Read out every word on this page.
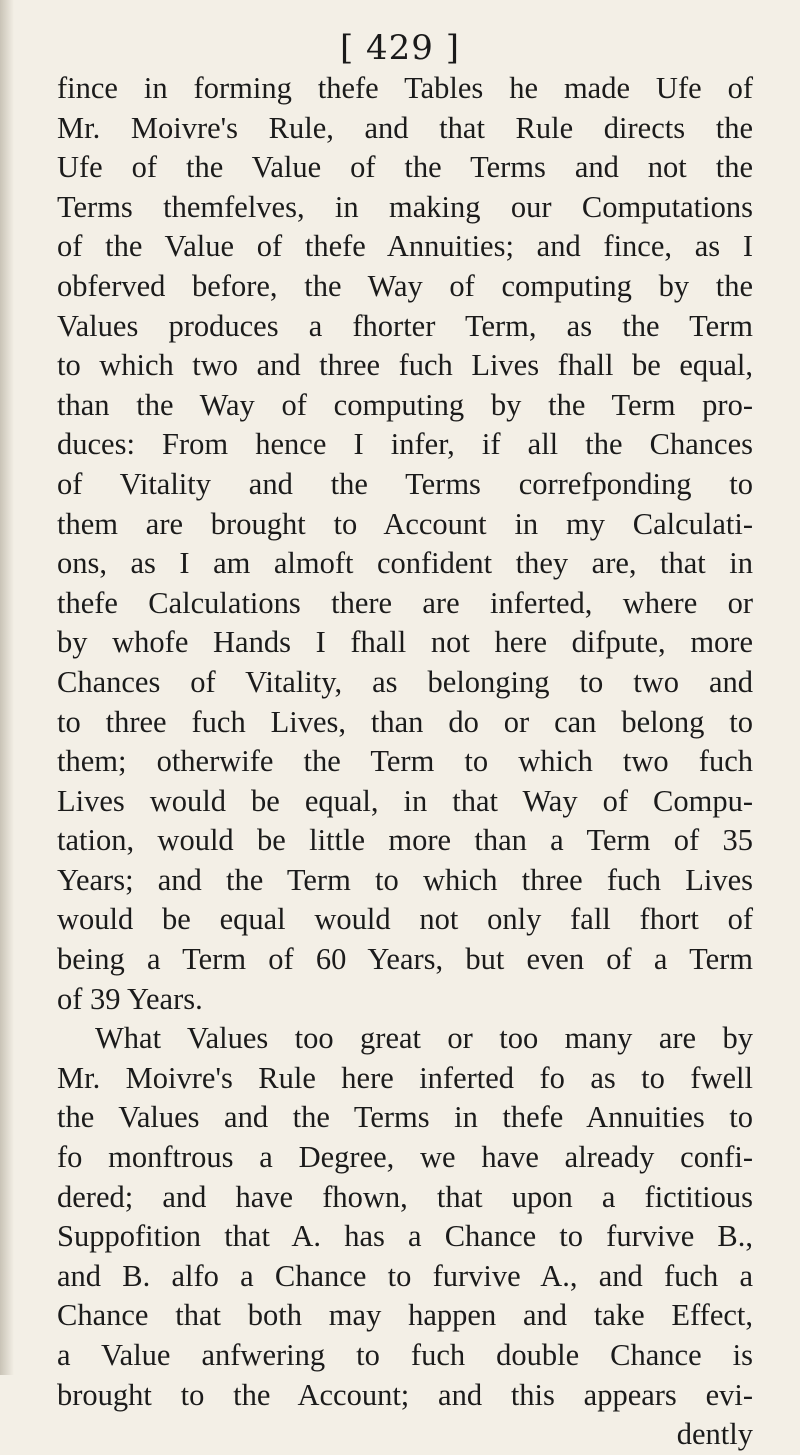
[ 429 ]
fince in forming thefe Tables he made Ufe of
Mr. Moivre's Rule, and that Rule directs the
Ufe of the Value of the Terms and not the
Terms themfelves, in making our Computations
of the Value of thefe Annuities; and fince, as I
obferved before, the Way of computing by the
Values produces a fhorter Term, as the Term
to which two and three fuch Lives fhall be equal,
than the Way of computing by the Term pro-
duces: From hence I infer, if all the Chances
of Vitality and the Terms correfponding to
them are brought to Account in my Calculati-
ons, as I am almoft confident they are, that in
thefe Calculations there are inferted, where or
by whofe Hands I fhall not here difpute, more
Chances of Vitality, as belonging to two and
to three fuch Lives, than do or can belong to
them; otherwife the Term to which two fuch
Lives would be equal, in that Way of Compu-
tation, would be little more than a Term of 35
Years; and the Term to which three fuch Lives
would be equal would not only fall fhort of
being a Term of 60 Years, but even of a Term
of 39 Years.
What Values too great or too many are by
Mr. Moivre's Rule here inferted fo as to fwell
the Values and the Terms in thefe Annuities to
fo monftrous a Degree, we have already confi-
dered; and have fhown, that upon a fictitious
Suppofition that A. has a Chance to furvive B.,
and B. alfo a Chance to furvive A., and fuch a
Chance that both may happen and take Effect,
a Value anfwering to fuch double Chance is
brought to the Account; and this appears evi-
dently
